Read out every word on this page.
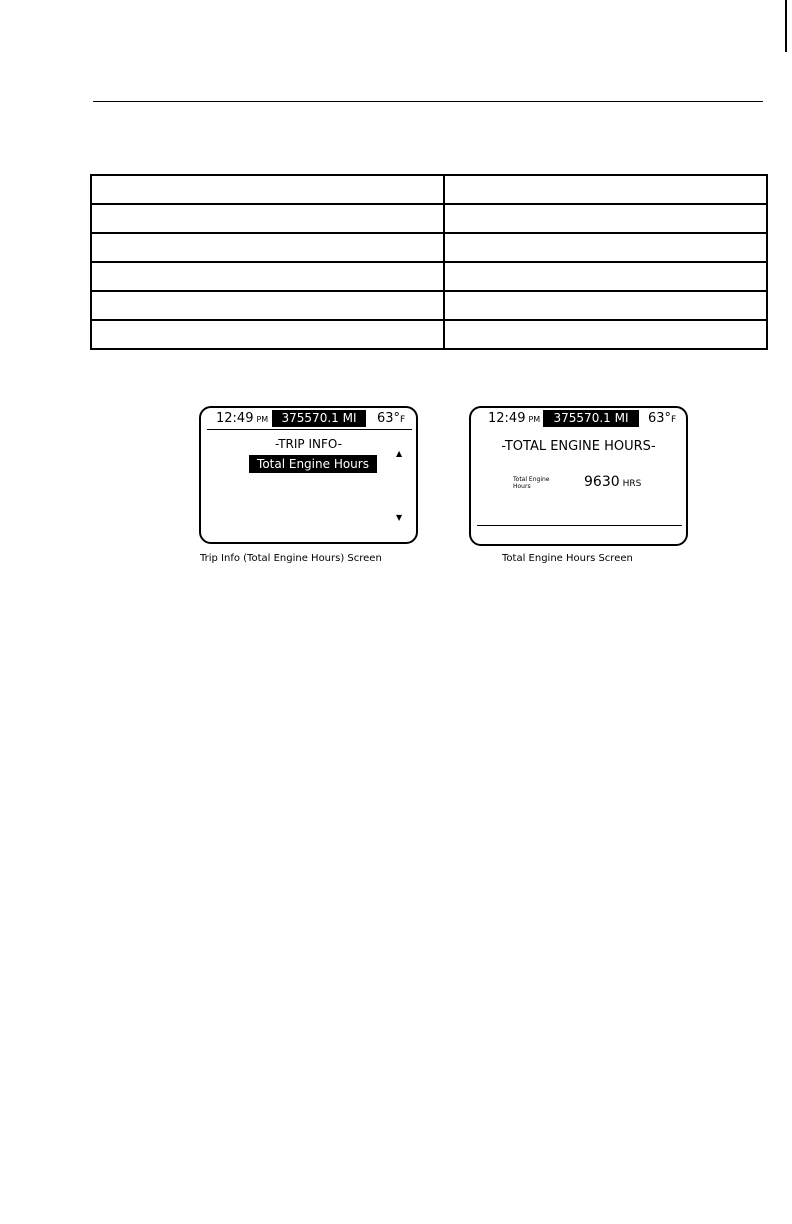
12:49 PM	375570.1 MI	63°F
-TRIP INFO-
Total Engine Hours
▲
▼
12:49 PM	375570.1 MI	63°F
-TOTAL ENGINE HOURS-
Total Engine
Hours	9630 HRS
Trip Info (Total Engine Hours) Screen	Total Engine Hours Screen
